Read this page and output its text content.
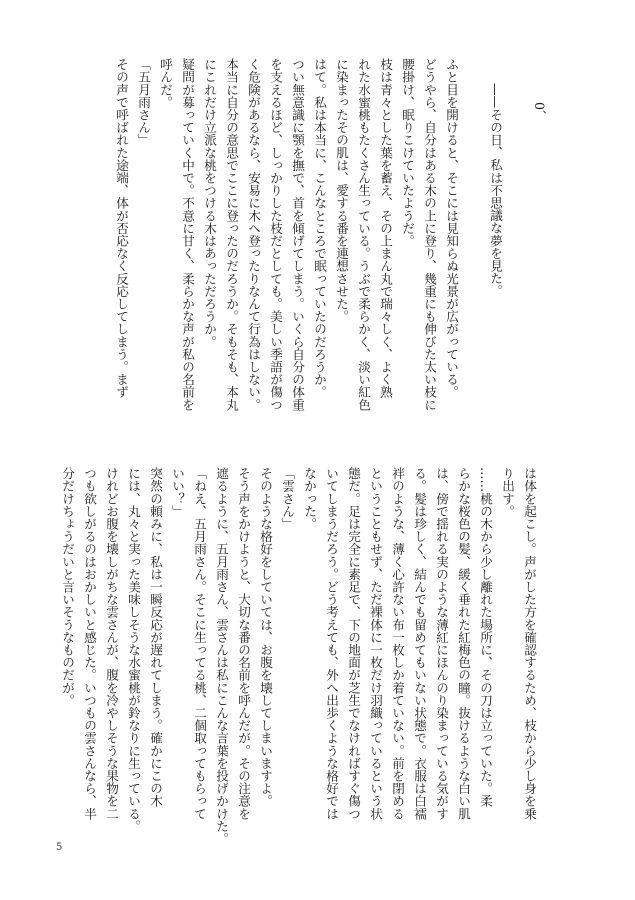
0、

——その日、私は不思議な夢を見た。

ふと目を開けると、そこには見知らぬ光景が広がっている。

どうやら、自分はある木の上に登り、幾重にも伸びた太い枝に

腰掛け、眠りこけていたようだ。

枝は青々とした葉を蓄え、その上まん丸で瑞々しく、よく熟

れた水蜜桃もたくさん生っている。うぶで柔らかく、淡い紅色

に染まったその肌は、愛する番を連想させた。

はて。私は本当に、こんなところで眠っていたのだろうか。

つい無意識に顎を撫で、首を傾げてしまう。いくら自分の体重

を支えるほど、しっかりした枝だとしても。美しい季語が傷つ

く危険があるなら、安易に木へ登ったりなんて行為はしない。

本当に自分の意思でここに登ったのだろうか。そもそも、本丸

にこれだけ立派な桃をつける木はあっただろうか。

疑問が募っていく中で。不意に甘く、柔らかな声が私の名前を

呼んだ。

「五月雨さん」

その声で呼ばれた途端、体が否応なく反応してしまう。まず

は体を起こし。声がした方を確認するため、枝から少し身を乗

り出す。

……桃の木から少し離れた場所に、その刀は立っていた。柔

らかな桜色の髪、緩く垂れた紅梅色の瞳。抜けるような白い肌

は、傍で揺れる実のような薄紅にほんのり染まっている気がす

る。髪は珍しく、結んでも留めてもいない状態で。衣服は白襦

袢のような、薄く心許ない布一枚しか着ていない。前を閉める

ということもせず、ただ裸体に一枚だけ羽織っているという状

態だ。足は完全に素足で、下の地面が芝生でなければすぐ傷つ

いてしまうだろう。どう考えても、外へ出歩くような格好では

なかった。

「雲さん」

そのような格好をしていては、お腹を壊してしまいますよ。

そう声をかけようと、大切な番の名前を呼んだが。その注意を

遮るように、五月雨さん、雲さんは私にこんな言葉を投げかけた。

「ねえ、五月雨さん。そこに生ってる桃、二個取ってもらって

いい？」

突然の頼みに、私は一瞬反応が遅れてしまう。確かにこの木

には、丸々と実った美味しそうな水蜜桃が鈴なりに生っている。

けれどお腹を壊しがちな雲さんが、腹を冷やしそうな果物を二

つも欲しがるのはおかしいと感じた。いつもの雲さんなら、半

分だけちょうだいと言いそうなものだが。

5
